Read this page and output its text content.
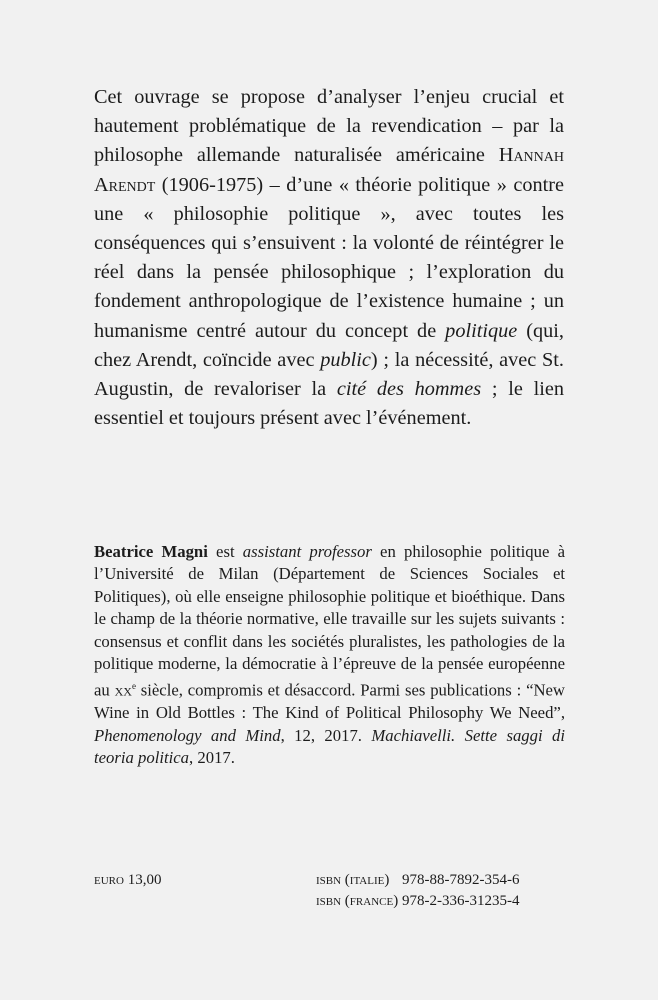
Cet ouvrage se propose d’analyser l’enjeu crucial et hautement problématique de la revendication – par la philosophe allemande naturalisée américaine Hannah Arendt (1906-1975) – d’une « théorie politique » contre une « philosophie politique », avec toutes les conséquences qui s’ensuivent : la volonté de réintégrer le réel dans la pensée philosophique ; l’exploration du fondement anthropologique de l’existence humaine ; un humanisme centré autour du concept de politique (qui, chez Arendt, coïncide avec public) ; la nécessité, avec St. Augustin, de revaloriser la cité des hommes ; le lien essentiel et toujours présent avec l’événement.

Beatrice Magni est assistant professor en philosophie politique à l’Université de Milan (Département de Sciences Sociales et Politiques), où elle enseigne philosophie politique et bioéthique. Dans le champ de la théorie normative, elle travaille sur les sujets suivants : consensus et conflit dans les sociétés pluralistes, les pathologies de la politique moderne, la démocratie à l’épreuve de la pensée européenne au $xx^e$ siècle, compromis et désaccord. Parmi ses publications : “New Wine in Old Bottles : The Kind of Political Philosophy We Need”, Phenomenology and Mind, 12, 2017. Machiavelli. Sette saggi di teoria politica, 2017.

euro 13,00	isbn (italie) 978-88-7892-354-6
isbn (france) 978-2-336-31235-4
